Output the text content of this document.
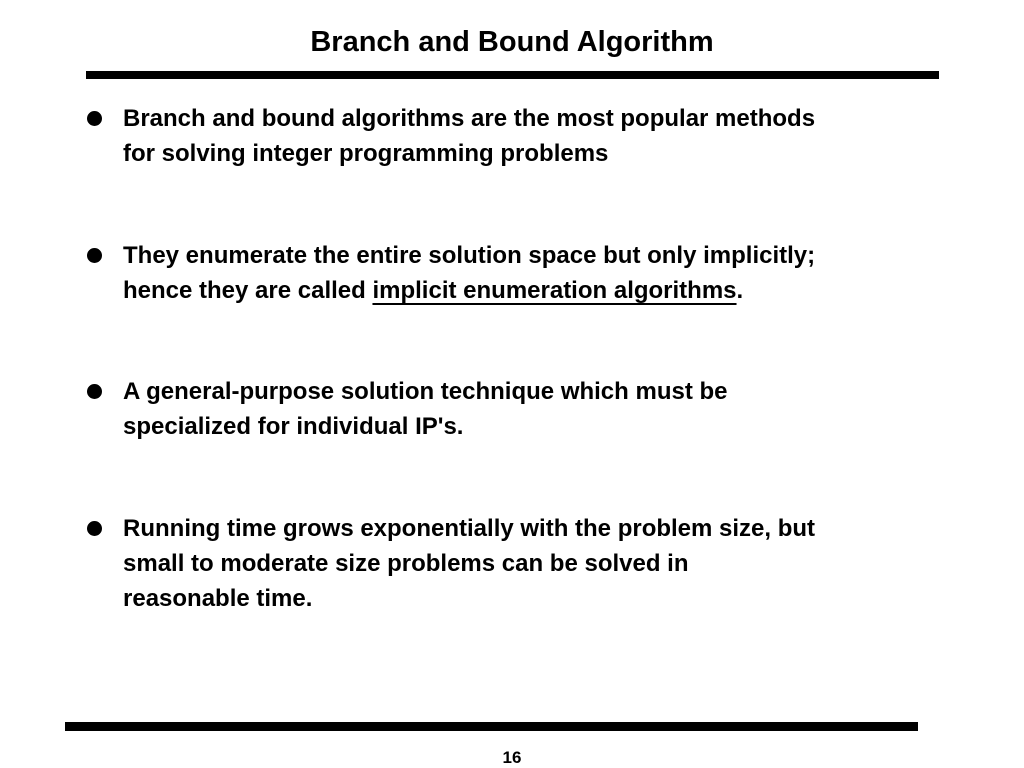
Branch and Bound Algorithm
Branch and bound algorithms are the most popular methods
for solving integer programming problems
They enumerate the entire solution space but only implicitly;
hence they are called implicit enumeration algorithms.
A general-purpose solution technique which must be
specialized for individual IP's.
Running time grows exponentially with the problem size, but
small to moderate size problems can be solved in
reasonable time.
16
